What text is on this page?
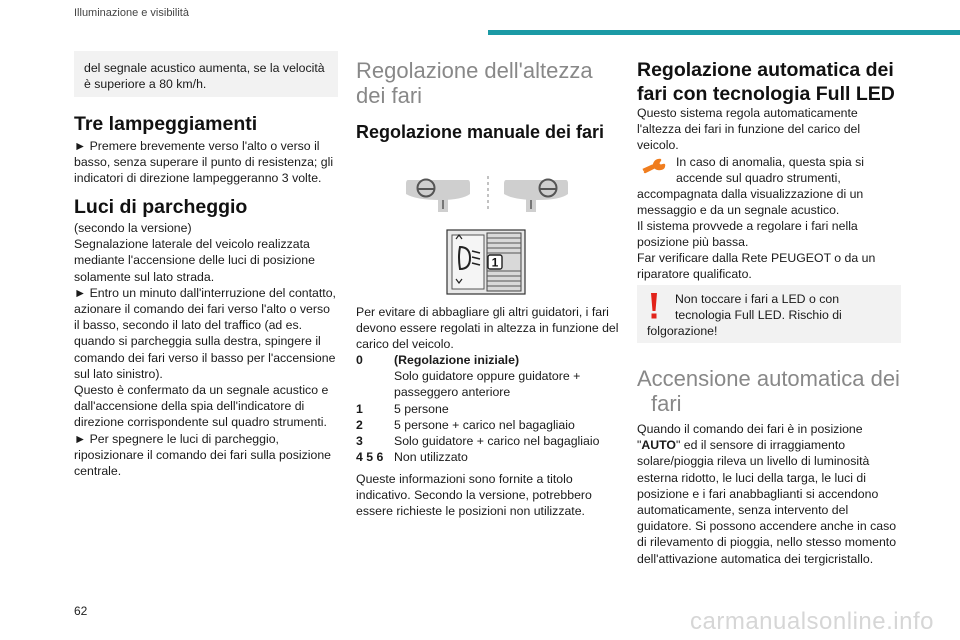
Illuminazione e visibilità

del segnale acustico aumenta, se la velocità è superiore a 80 km/h.

Tre lampeggiamenti

► Premere brevemente verso l'alto o verso il basso, senza superare il punto di resistenza; gli indicatori di direzione lampeggeranno 3 volte.

Luci di parcheggio

(secondo la versione)

Segnalazione laterale del veicolo realizzata mediante l'accensione delle luci di posizione solamente sul lato strada.

► Entro un minuto dall'interruzione del contatto, azionare il comando dei fari verso l'alto o verso il basso, secondo il lato del traffico (ad es. quando si parcheggia sulla destra, spingere il comando dei fari verso il basso per l'accensione sul lato sinistro).

Questo è confermato da un segnale acustico e dall'accensione della spia dell'indicatore di direzione corrispondente sul quadro strumenti.

► Per spegnere le luci di parcheggio, riposizionare il comando dei fari sulla posizione centrale.

Regolazione dell'altezza dei fari
Regolazione manuale dei fari
1

Per evitare di abbagliare gli altri guidatori, i fari devono essere regolati in altezza in funzione del carico del veicolo.

0	(Regolazione iniziale)
Solo guidatore oppure guidatore + passeggero anteriore
1	5 persone
2	5 persone + carico nel bagagliaio
3	Solo guidatore + carico nel bagagliaio
4 5 6 Non utilizzato

Queste informazioni sono fornite a titolo indicativo. Secondo la versione, potrebbero essere richieste le posizioni non utilizzate.

Regolazione automatica dei fari con tecnologia Full LED

Questo sistema regola automaticamente l'altezza dei fari in funzione del carico del veicolo.

In caso di anomalia, questa spia si accende sul quadro strumenti,

accompagnata dalla visualizzazione di un messaggio e da un segnale acustico.

Il sistema provvede a regolare i fari nella posizione più bassa.

Far verificare dalla Rete PEUGEOT o da un riparatore qualificato.

Non toccare i fari a LED o con tecnologia Full LED. Rischio di

folgorazione!

Accensione automatica dei fari

Quando il comando dei fari è in posizione "AUTO" ed il sensore di irraggiamento solare/pioggia rileva un livello di luminosità esterna ridotto, le luci della targa, le luci di posizione e i fari anabbaglianti si accendono automaticamente, senza intervento del guidatore. Si possono accendere anche in caso di rilevamento di pioggia, nello stesso momento dell'attivazione automatica dei tergicristallo.

62	carmanualsonline.info
